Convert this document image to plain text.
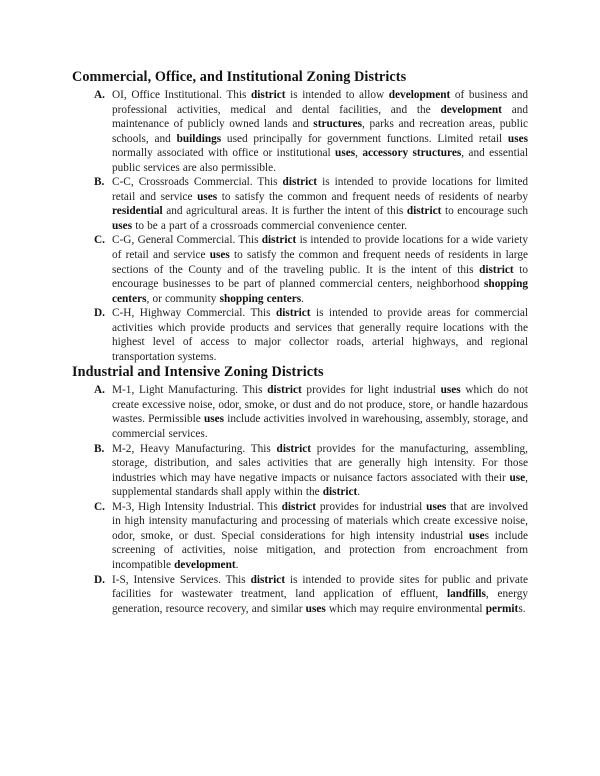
Commercial, Office, and Institutional Zoning Districts
A. OI, Office Institutional. This district is intended to allow development of business and professional activities, medical and dental facilities, and the development and maintenance of publicly owned lands and structures, parks and recreation areas, public schools, and buildings used principally for government functions. Limited retail uses normally associated with office or institutional uses, accessory structures, and essential public services are also permissible.
B. C-C, Crossroads Commercial. This district is intended to provide locations for limited retail and service uses to satisfy the common and frequent needs of residents of nearby residential and agricultural areas. It is further the intent of this district to encourage such uses to be a part of a crossroads commercial convenience center.
C. C-G, General Commercial. This district is intended to provide locations for a wide variety of retail and service uses to satisfy the common and frequent needs of residents in large sections of the County and of the traveling public. It is the intent of this district to encourage businesses to be part of planned commercial centers, neighborhood shopping centers, or community shopping centers.
D. C-H, Highway Commercial. This district is intended to provide areas for commercial activities which provide products and services that generally require locations with the highest level of access to major collector roads, arterial highways, and regional transportation systems.
Industrial and Intensive Zoning Districts
A. M-1, Light Manufacturing. This district provides for light industrial uses which do not create excessive noise, odor, smoke, or dust and do not produce, store, or handle hazardous wastes. Permissible uses include activities involved in warehousing, assembly, storage, and commercial services.
B. M-2, Heavy Manufacturing. This district provides for the manufacturing, assembling, storage, distribution, and sales activities that are generally high intensity. For those industries which may have negative impacts or nuisance factors associated with their use, supplemental standards shall apply within the district.
C. M-3, High Intensity Industrial. This district provides for industrial uses that are involved in high intensity manufacturing and processing of materials which create excessive noise, odor, smoke, or dust. Special considerations for high intensity industrial uses include screening of activities, noise mitigation, and protection from encroachment from incompatible development.
D. I-S, Intensive Services. This district is intended to provide sites for public and private facilities for wastewater treatment, land application of effluent, landfills, energy generation, resource recovery, and similar uses which may require environmental permits.
